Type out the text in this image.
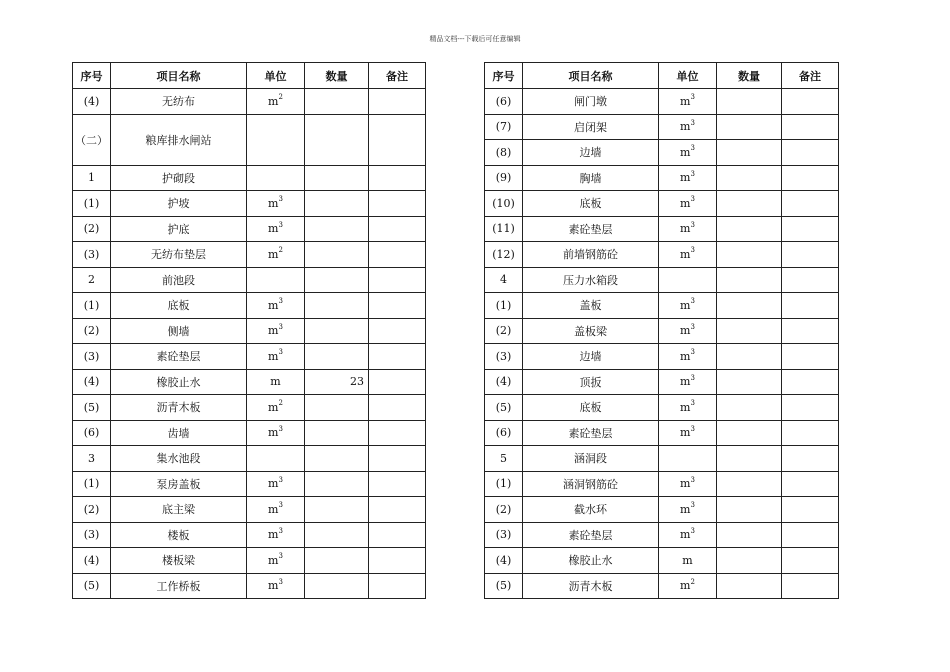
精品文档---下载后可任意编辑
序号	项目名称	单位	数量	备注
(4)	无纺布	$m^2$		
（二）	粮库排水闸站			
1	护砌段			
(1)	护坡	$m^3$		
(2)	护底	$m^3$		
(3)	无纺布垫层	$m^2$		
2	前池段			
(1)	底板	$m^3$		
(2)	侧墙	$m^3$		
(3)	素砼垫层	$m^3$		
(4)	橡胶止水	m	23	
(5)	沥青木板	$m^2$		
(6)	齿墙	$m^3$		
3	集水池段			
(1)	泵房盖板	$m^3$		
(2)	底主梁	$m^3$		
(3)	楼板	$m^3$		
(4)	楼板梁	$m^3$		
(5)	工作桥板	$m^3$		
序号	项目名称	单位	数量	备注
(6)	闸门墩	$m^3$		
(7)	启闭架	$m^3$		
(8)	边墙	$m^3$		
(9)	胸墙	$m^3$		
(10)	底板	$m^3$		
(11)	素砼垫层	$m^3$		
(12)	前墙钢筋砼	$m^3$		
4	压力水箱段			
(1)	盖板	$m^3$		
(2)	盖板梁	$m^3$		
(3)	边墙	$m^3$		
(4)	顶扳	$m^3$		
(5)	底板	$m^3$		
(6)	素砼垫层	$m^3$		
5	涵洞段			
(1)	涵洞钢筋砼	$m^3$		
(2)	截水环	$m^3$		
(3)	素砼垫层	$m^3$		
(4)	橡胶止水	m		
(5)	沥青木板	$m^2$		
